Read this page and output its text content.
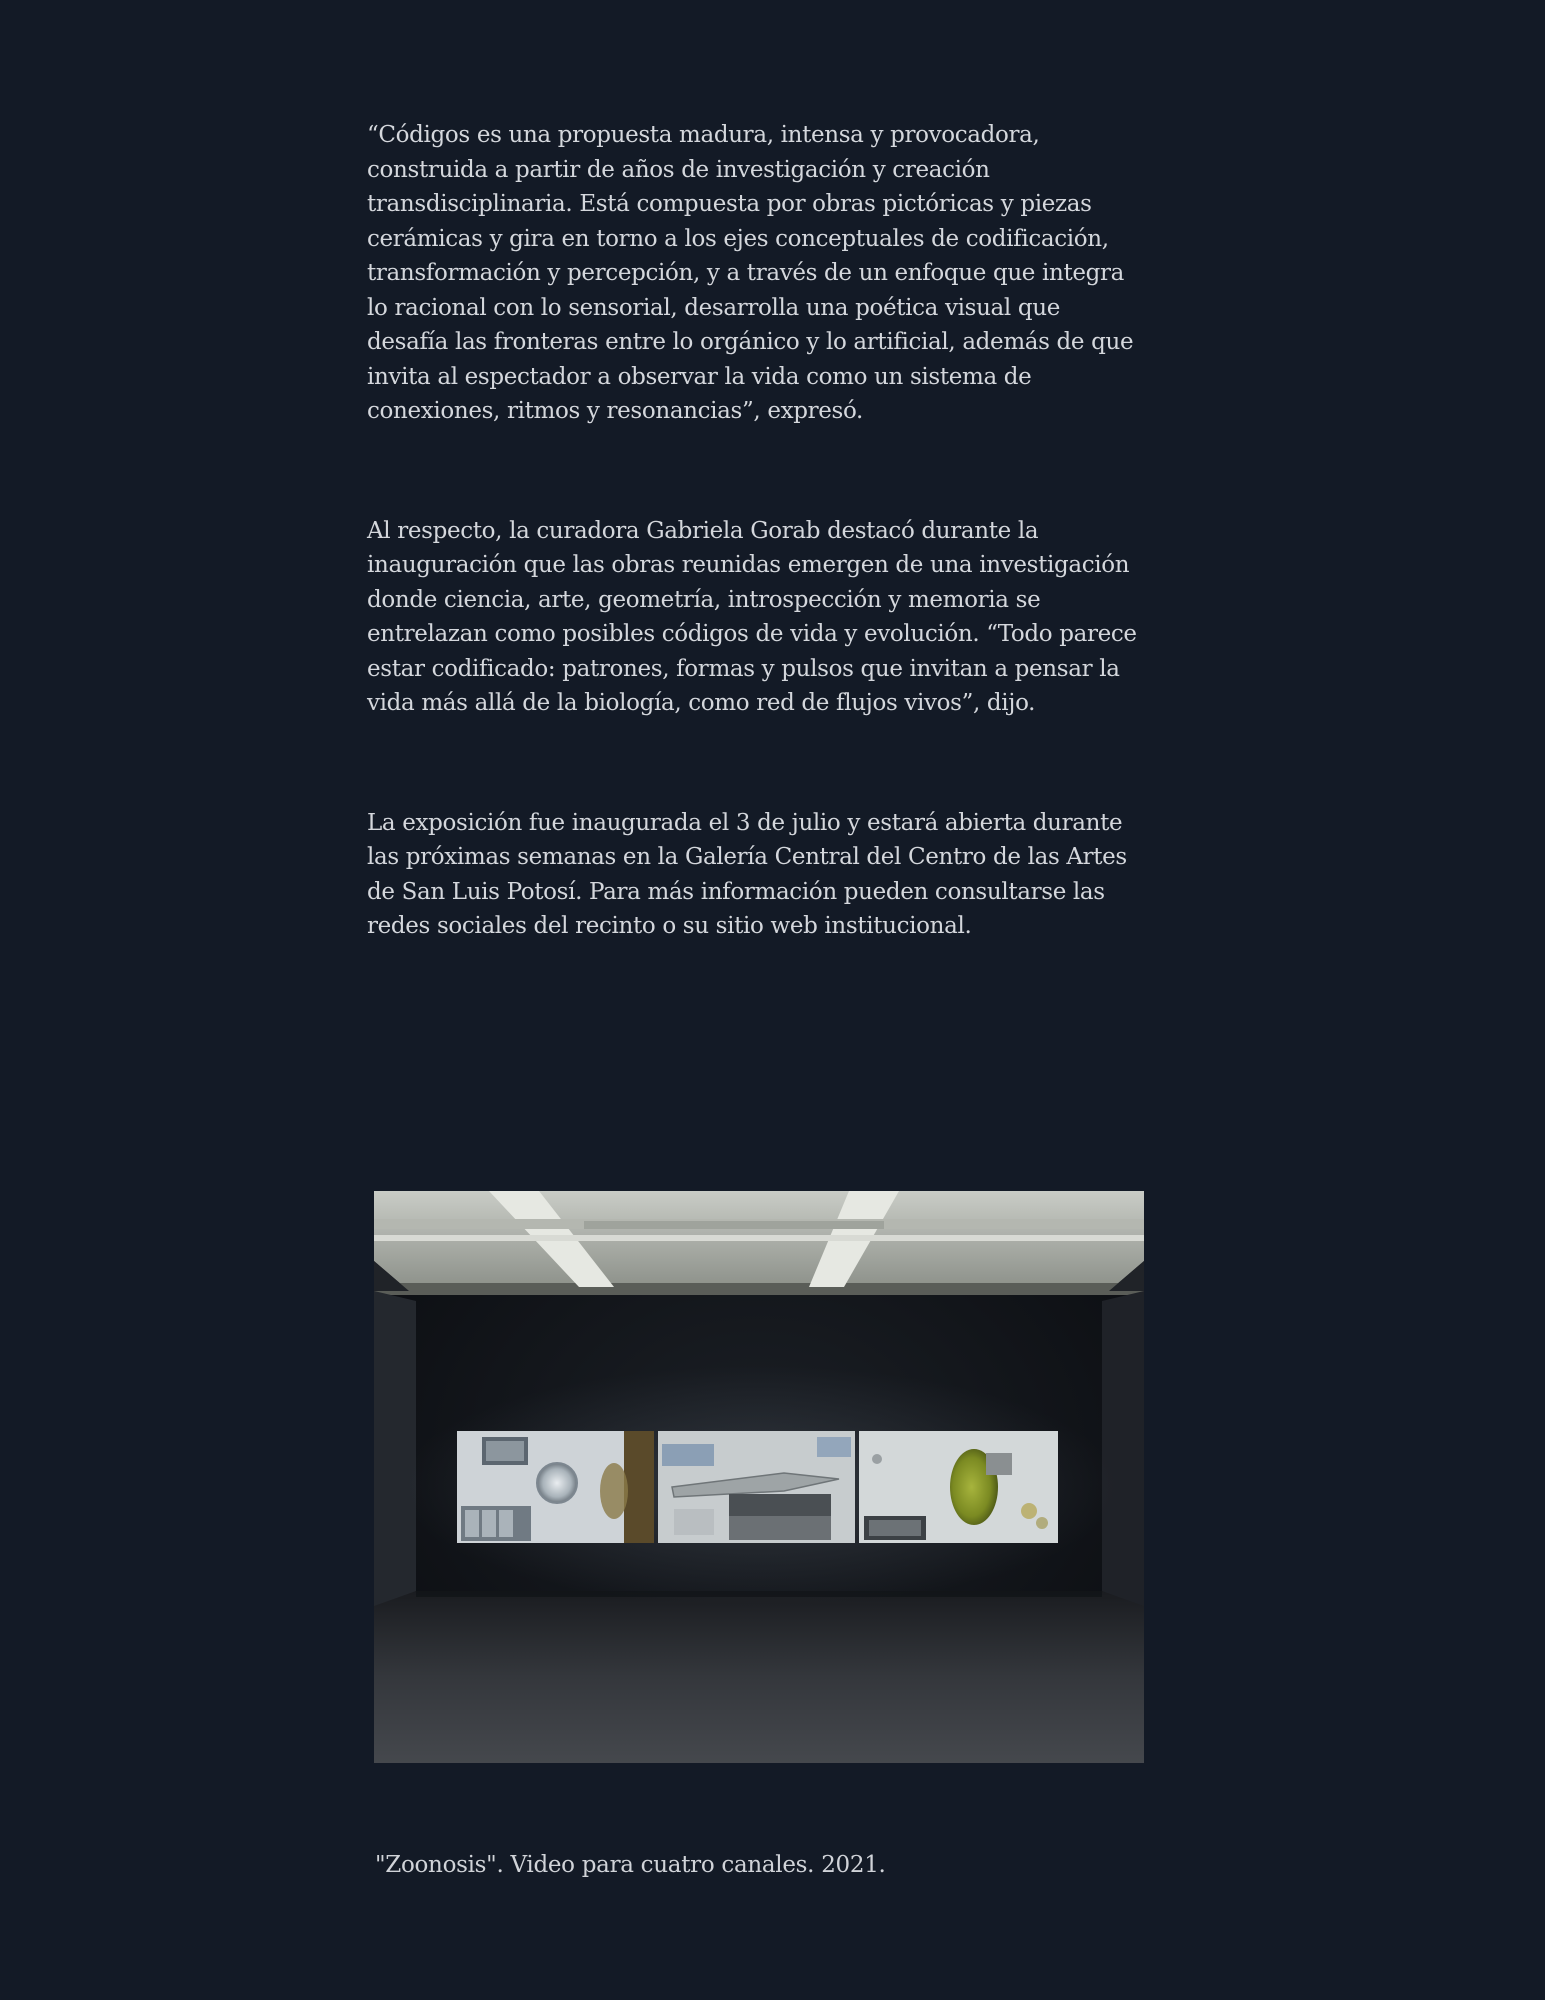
“Códigos es una propuesta madura, intensa y provocadora, construida a partir de años de investigación y creación transdisciplinaria. Está compuesta por obras pictóricas y piezas cerámicas y gira en torno a los ejes conceptuales de codificación, transformación y percepción, y a través de un enfoque que integra lo racional con lo sensorial, desarrolla una poética visual que desafía las fronteras entre lo orgánico y lo artificial, además de que invita al espectador a observar la vida como un sistema de conexiones, ritmos y resonancias”, expresó.

Al respecto, la curadora Gabriela Gorab destacó durante la inauguración que las obras reunidas emergen de una investigación donde ciencia, arte, geometría, introspección y memoria se entrelazan como posibles códigos de vida y evolución. “Todo parece estar codificado: patrones, formas y pulsos que invitan a pensar la vida más allá de la biología, como red de flujos vivos”, dijo.

La exposición fue inaugurada el 3 de julio y estará abierta durante las próximas semanas en la Galería Central del Centro de las Artes de San Luis Potosí. Para más información pueden consultarse las redes sociales del recinto o su sitio web institucional.

"Zoonosis". Video para cuatro canales. 2021.
